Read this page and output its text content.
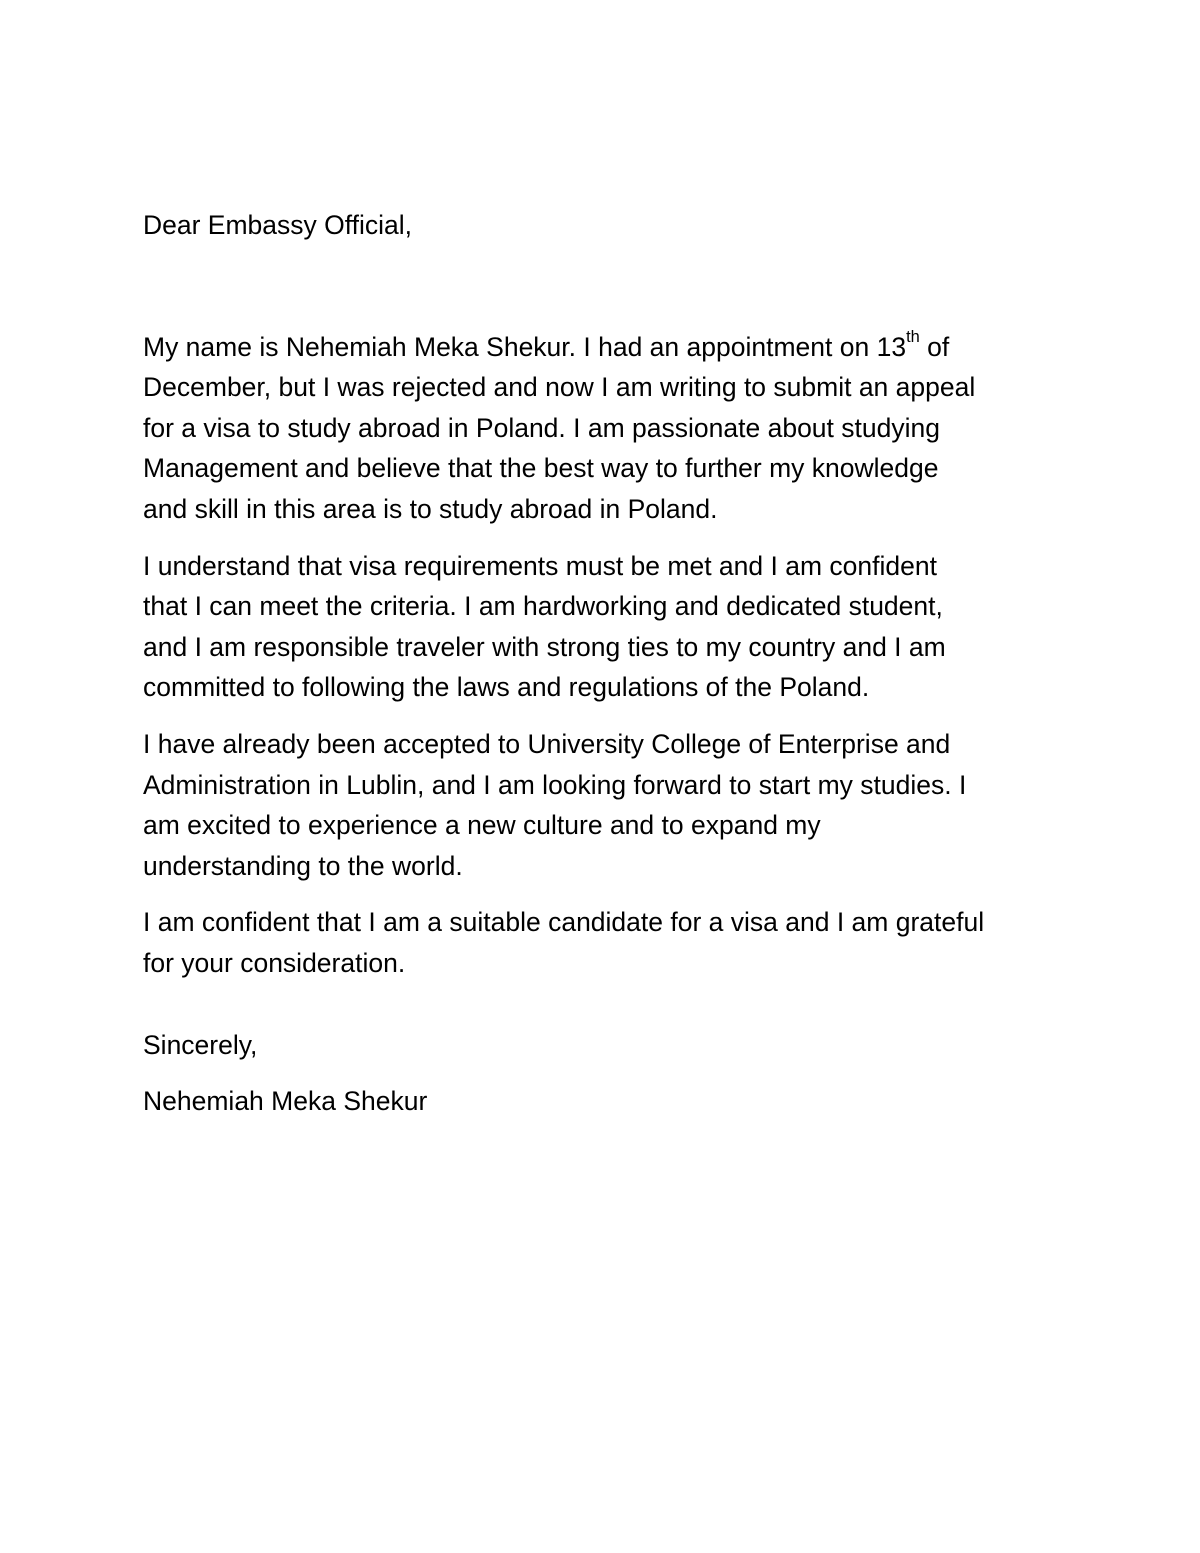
Dear Embassy Official,
My name is Nehemiah Meka Shekur. I had an appointment on 13th of
December, but I was rejected and now I am writing to submit an appeal
for a visa to study abroad in Poland. I am passionate about studying
Management and believe that the best way to further my knowledge
and skill in this area is to study abroad in Poland.
I understand that visa requirements must be met and I am confident
that I can meet the criteria. I am hardworking and dedicated student,
and I am responsible traveler with strong ties to my country and I am
committed to following the laws and regulations of the Poland.
I have already been accepted to University College of Enterprise and
Administration in Lublin, and I am looking forward to start my studies. I
am excited to experience a new culture and to expand my
understanding to the world.
I am confident that I am a suitable candidate for a visa and I am grateful
for your consideration.
Sincerely,
Nehemiah Meka Shekur
